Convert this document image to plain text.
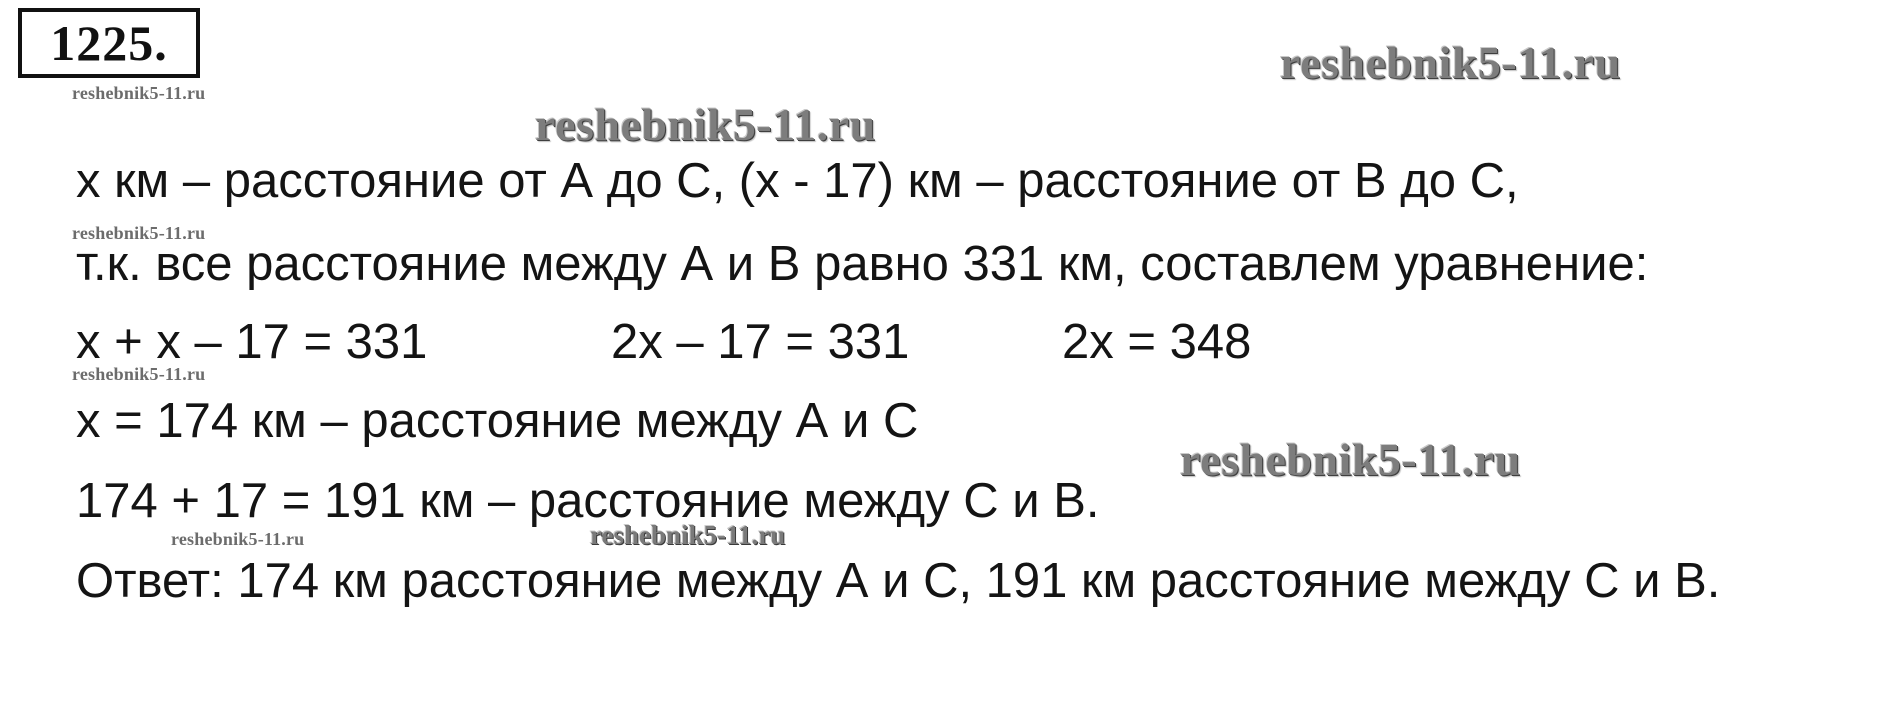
1225.	reshebnik5-11.ru
reshebnik5-11.ru
reshebnik5-11.ru
reshebnik5-11.ru
reshebnik5-11.ru
reshebnik5-11.ru
reshebnik5-11.ru	reshebnik5-11.ru
x км – расстояние от А до С, (х - 17) км – расстояние от В до С,
т.к. все расстояние между А и В равно 331 км, составлем уравнение:
х + х – 17 = 331	2х – 17 = 331	2х = 348
х = 174 км – расстояние между А и С
174 + 17 = 191 км – расстояние между С и В.
Ответ: 174 км расстояние между А и С, 191 км расстояние между С и В.
